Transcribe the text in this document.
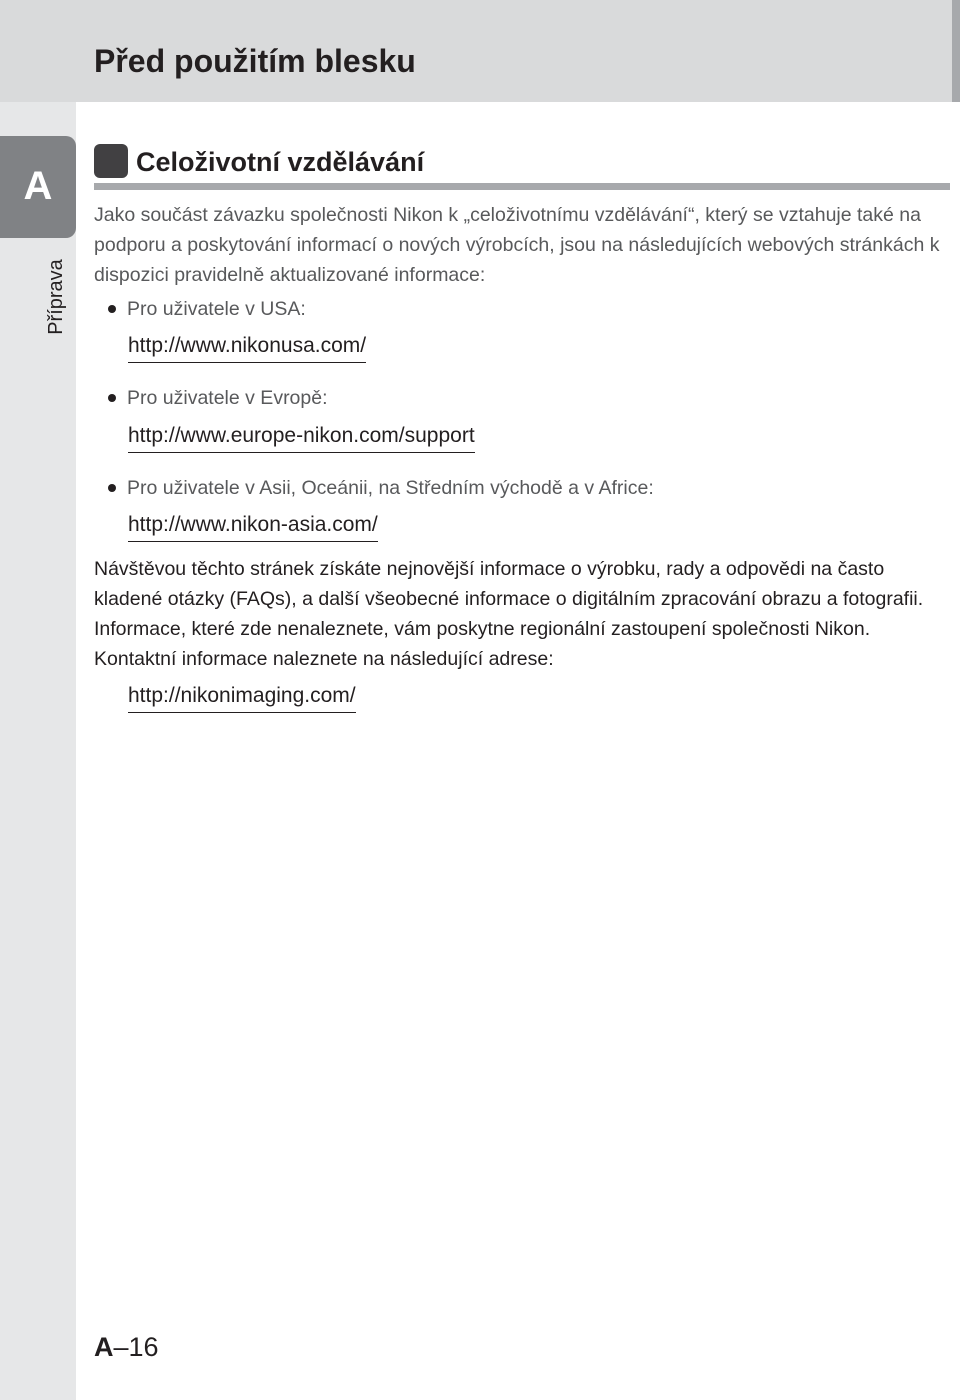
Před použitím blesku
A
Příprava
Celoživotní vzdělávání

Jako součást závazku společnosti Nikon k „celoživotnímu vzdělávání“, který se vztahuje také na podporu a poskytování informací o nových výrobcích, jsou na následujících webových stránkách k dispozici pravidelně aktualizované informace:

Pro uživatele v USA:
http://www.nikonusa.com/
Pro uživatele v Evropě:
http://www.europe-nikon.com/support
Pro uživatele v Asii, Oceánii, na Středním východě a v Africe:
http://www.nikon-asia.com/

Návštěvou těchto stránek získáte nejnovější informace o výrobku, rady a odpovědi na často kladené otázky (FAQs), a další všeobecné informace o digitálním zpracování obrazu a fotografii. Informace, které zde nenaleznete, vám poskytne regionální zastoupení společnosti Nikon. Kontaktní informace naleznete na následující adrese:

http://nikonimaging.com/
A–16
